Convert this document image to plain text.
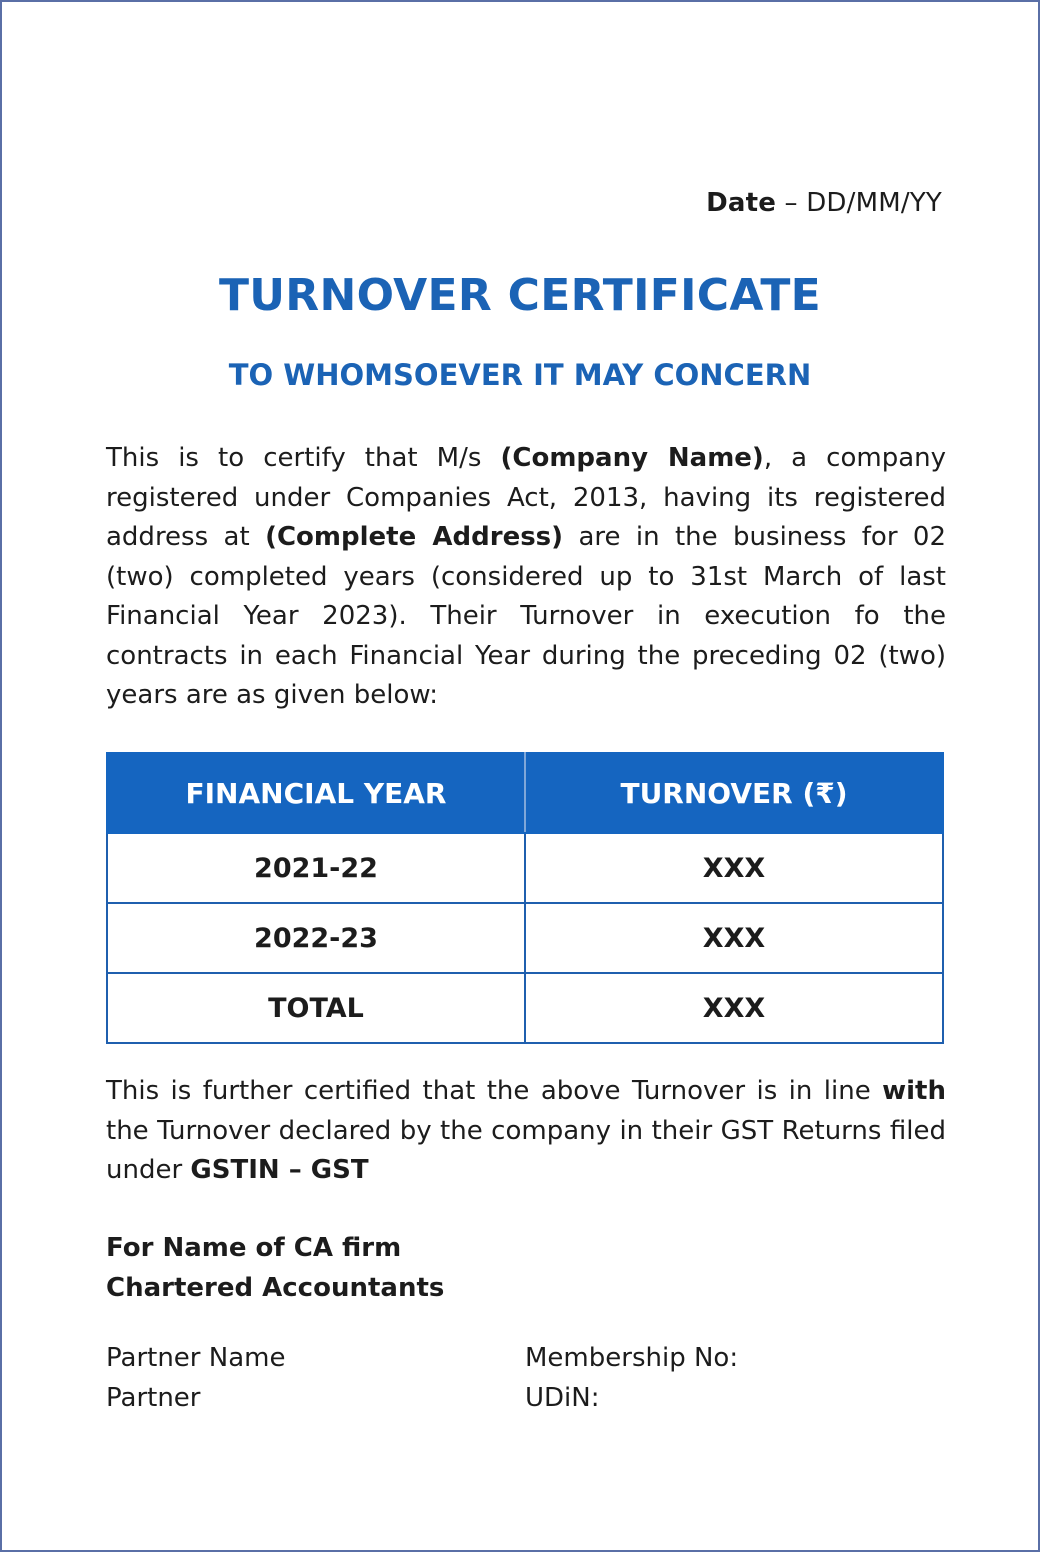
Date – DD/MM/YY
TURNOVER CERTIFICATE
TO WHOMSOEVER IT MAY CONCERN
This is to certify that M/s (Company Name), a company registered under Companies Act, 2013, having its registered address at (Complete Address) are in the business for 02 (two) completed years (considered up to 31st March of last Financial Year 2023). Their Turnover in execution fo the contracts in each Financial Year during the preceding 02 (two) years are as given below:
FINANCIAL YEAR	TURNOVER (₹)
2021-22	XXX
2022-23	XXX
TOTAL	XXX
This is further certified that the above Turnover is in line with the Turnover declared by the company in their GST Returns filed under GSTIN – GST
For Name of CA firm
Chartered Accountants
Partner Name
Partner
Membership No:
UDiN:
